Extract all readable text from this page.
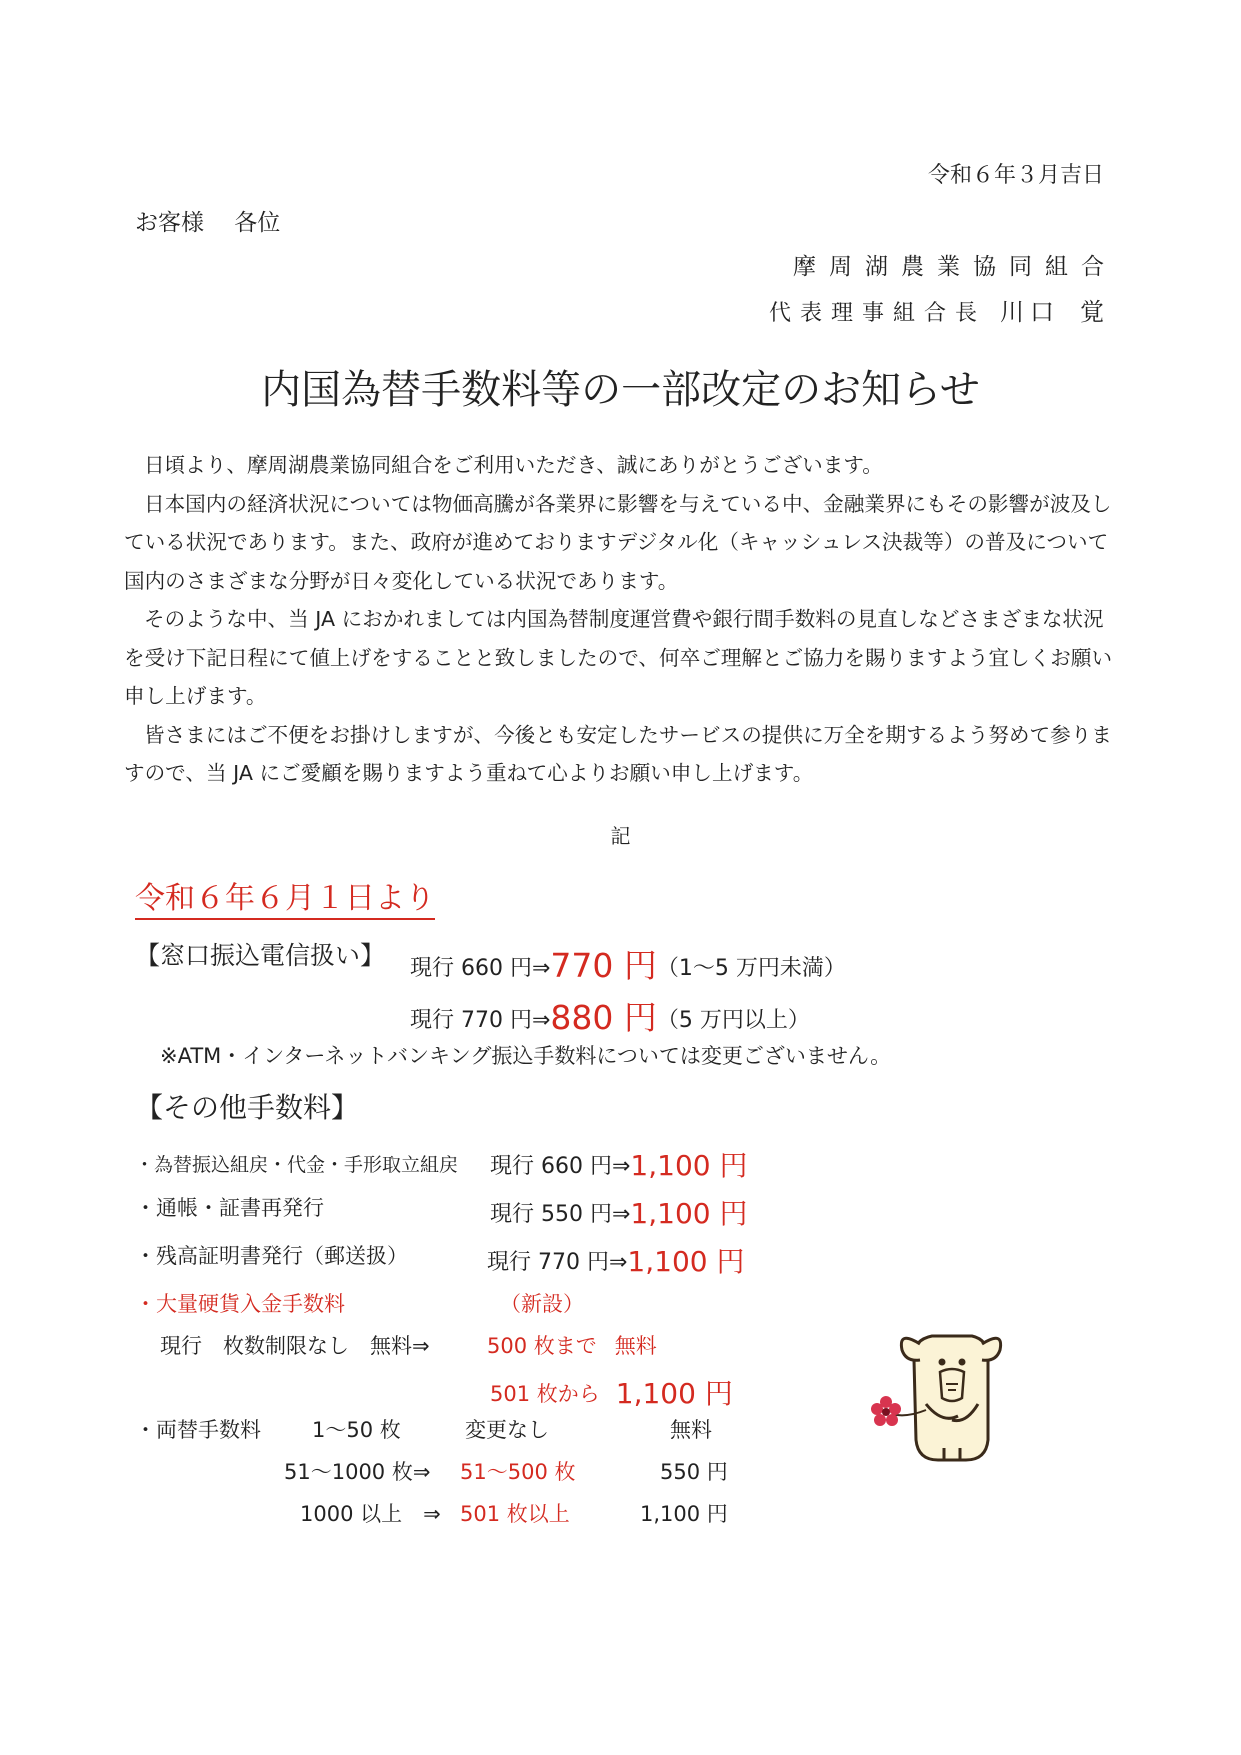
令和６年３月吉日
お客様　 各位
摩周湖農業協同組合
代表理事組合長 川口 覚
内国為替手数料等の一部改定のお知らせ

日頃より、摩周湖農業協同組合をご利用いただき、誠にありがとうございます。

日本国内の経済状況については物価高騰が各業界に影響を与えている中、金融業界にもその影響が波及している状況であります。また、政府が進めておりますデジタル化（キャッシュレス決裁等）の普及について国内のさまざまな分野が日々変化している状況であります。

そのような中、当 JA におかれましては内国為替制度運営費や銀行間手数料の見直しなどさまざまな状況を受け下記日程にて値上げをすることと致しましたので、何卒ご理解とご協力を賜りますよう宜しくお願い申し上げます。

皆さまにはご不便をお掛けしますが、今後とも安定したサービスの提供に万全を期するよう努めて参りますので、当 JA にご愛顧を賜りますよう重ねて心よりお願い申し上げます。

記
令和６年６月１日より
【窓口振込電信扱い】 現行 660 円⇒770 円（1～5 万円未満）
現行 770 円⇒880 円（5 万円以上）
※ATM・インターネットバンキング振込手数料については変更ございません。
【その他手数料】
・為替振込組戻・代金・手形取立組戻 現行 660 円⇒1,100 円
・通帳・証書再発行	現行 550 円⇒1,100 円
・残高証明書発行（郵送扱）	現行 770 円⇒1,100 円
・大量硬貨入金手数料	（新設）
現行　枚数制限なし　無料⇒	500 枚まで 無料
501 枚から 1,100 円
・両替手数料 1～50 枚	変更なし	無料
51～1000 枚⇒ 51～500 枚	550 円
1000 以上　⇒ 501 枚以上	1,100 円
